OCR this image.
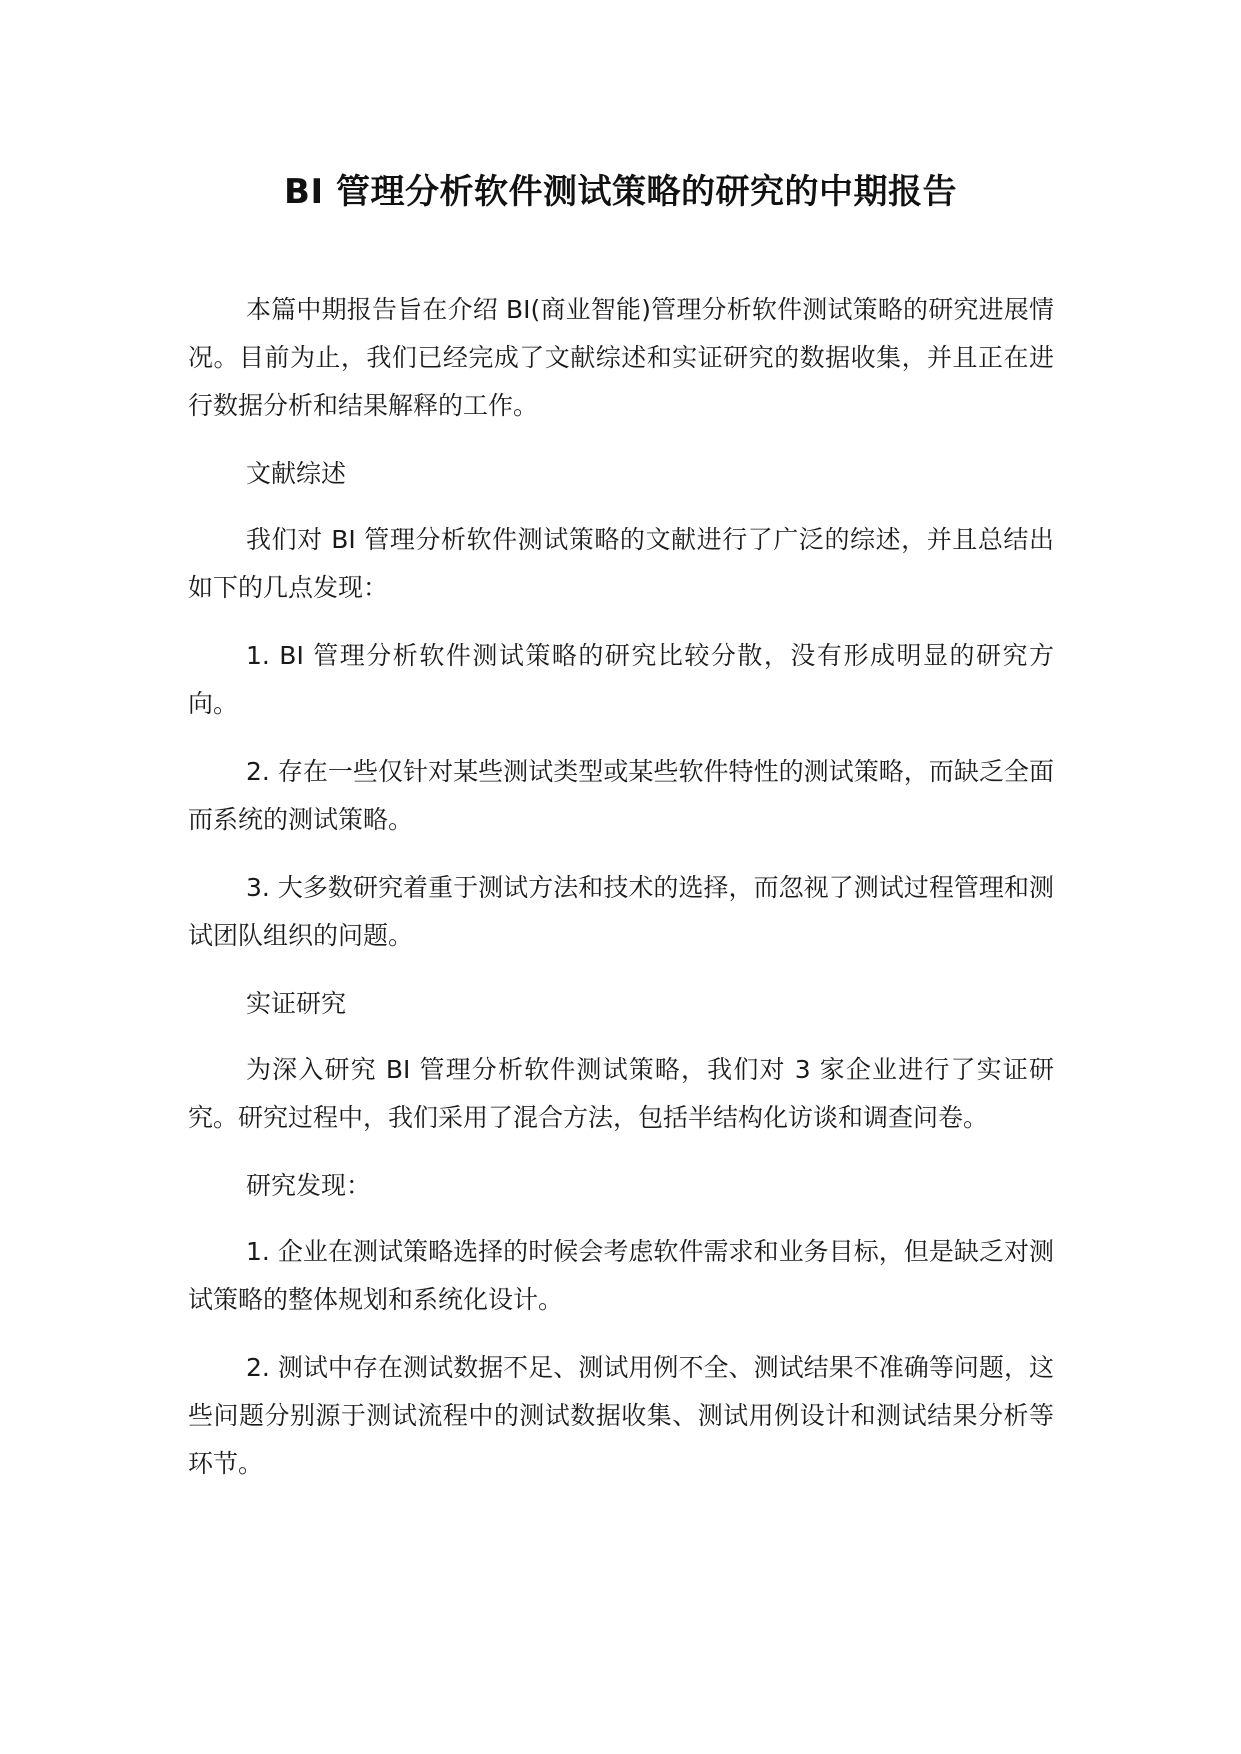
BI 管理分析软件测试策略的研究的中期报告

本篇中期报告旨在介绍 BI(商业智能)管理分析软件测试策略的研究进展情况。目前为止，我们已经完成了文献综述和实证研究的数据收集，并且正在进行数据分析和结果解释的工作。

文献综述

我们对 BI 管理分析软件测试策略的文献进行了广泛的综述，并且总结出如下的几点发现：

1. BI 管理分析软件测试策略的研究比较分散，没有形成明显的研究方向。

2. 存在一些仅针对某些测试类型或某些软件特性的测试策略，而缺乏全面而系统的测试策略。

3. 大多数研究着重于测试方法和技术的选择，而忽视了测试过程管理和测试团队组织的问题。

实证研究

为深入研究 BI 管理分析软件测试策略，我们对 3 家企业进行了实证研究。研究过程中，我们采用了混合方法，包括半结构化访谈和调查问卷。

研究发现：

1. 企业在测试策略选择的时候会考虑软件需求和业务目标，但是缺乏对测试策略的整体规划和系统化设计。

2. 测试中存在测试数据不足、测试用例不全、测试结果不准确等问题，这些问题分别源于测试流程中的测试数据收集、测试用例设计和测试结果分析等环节。
